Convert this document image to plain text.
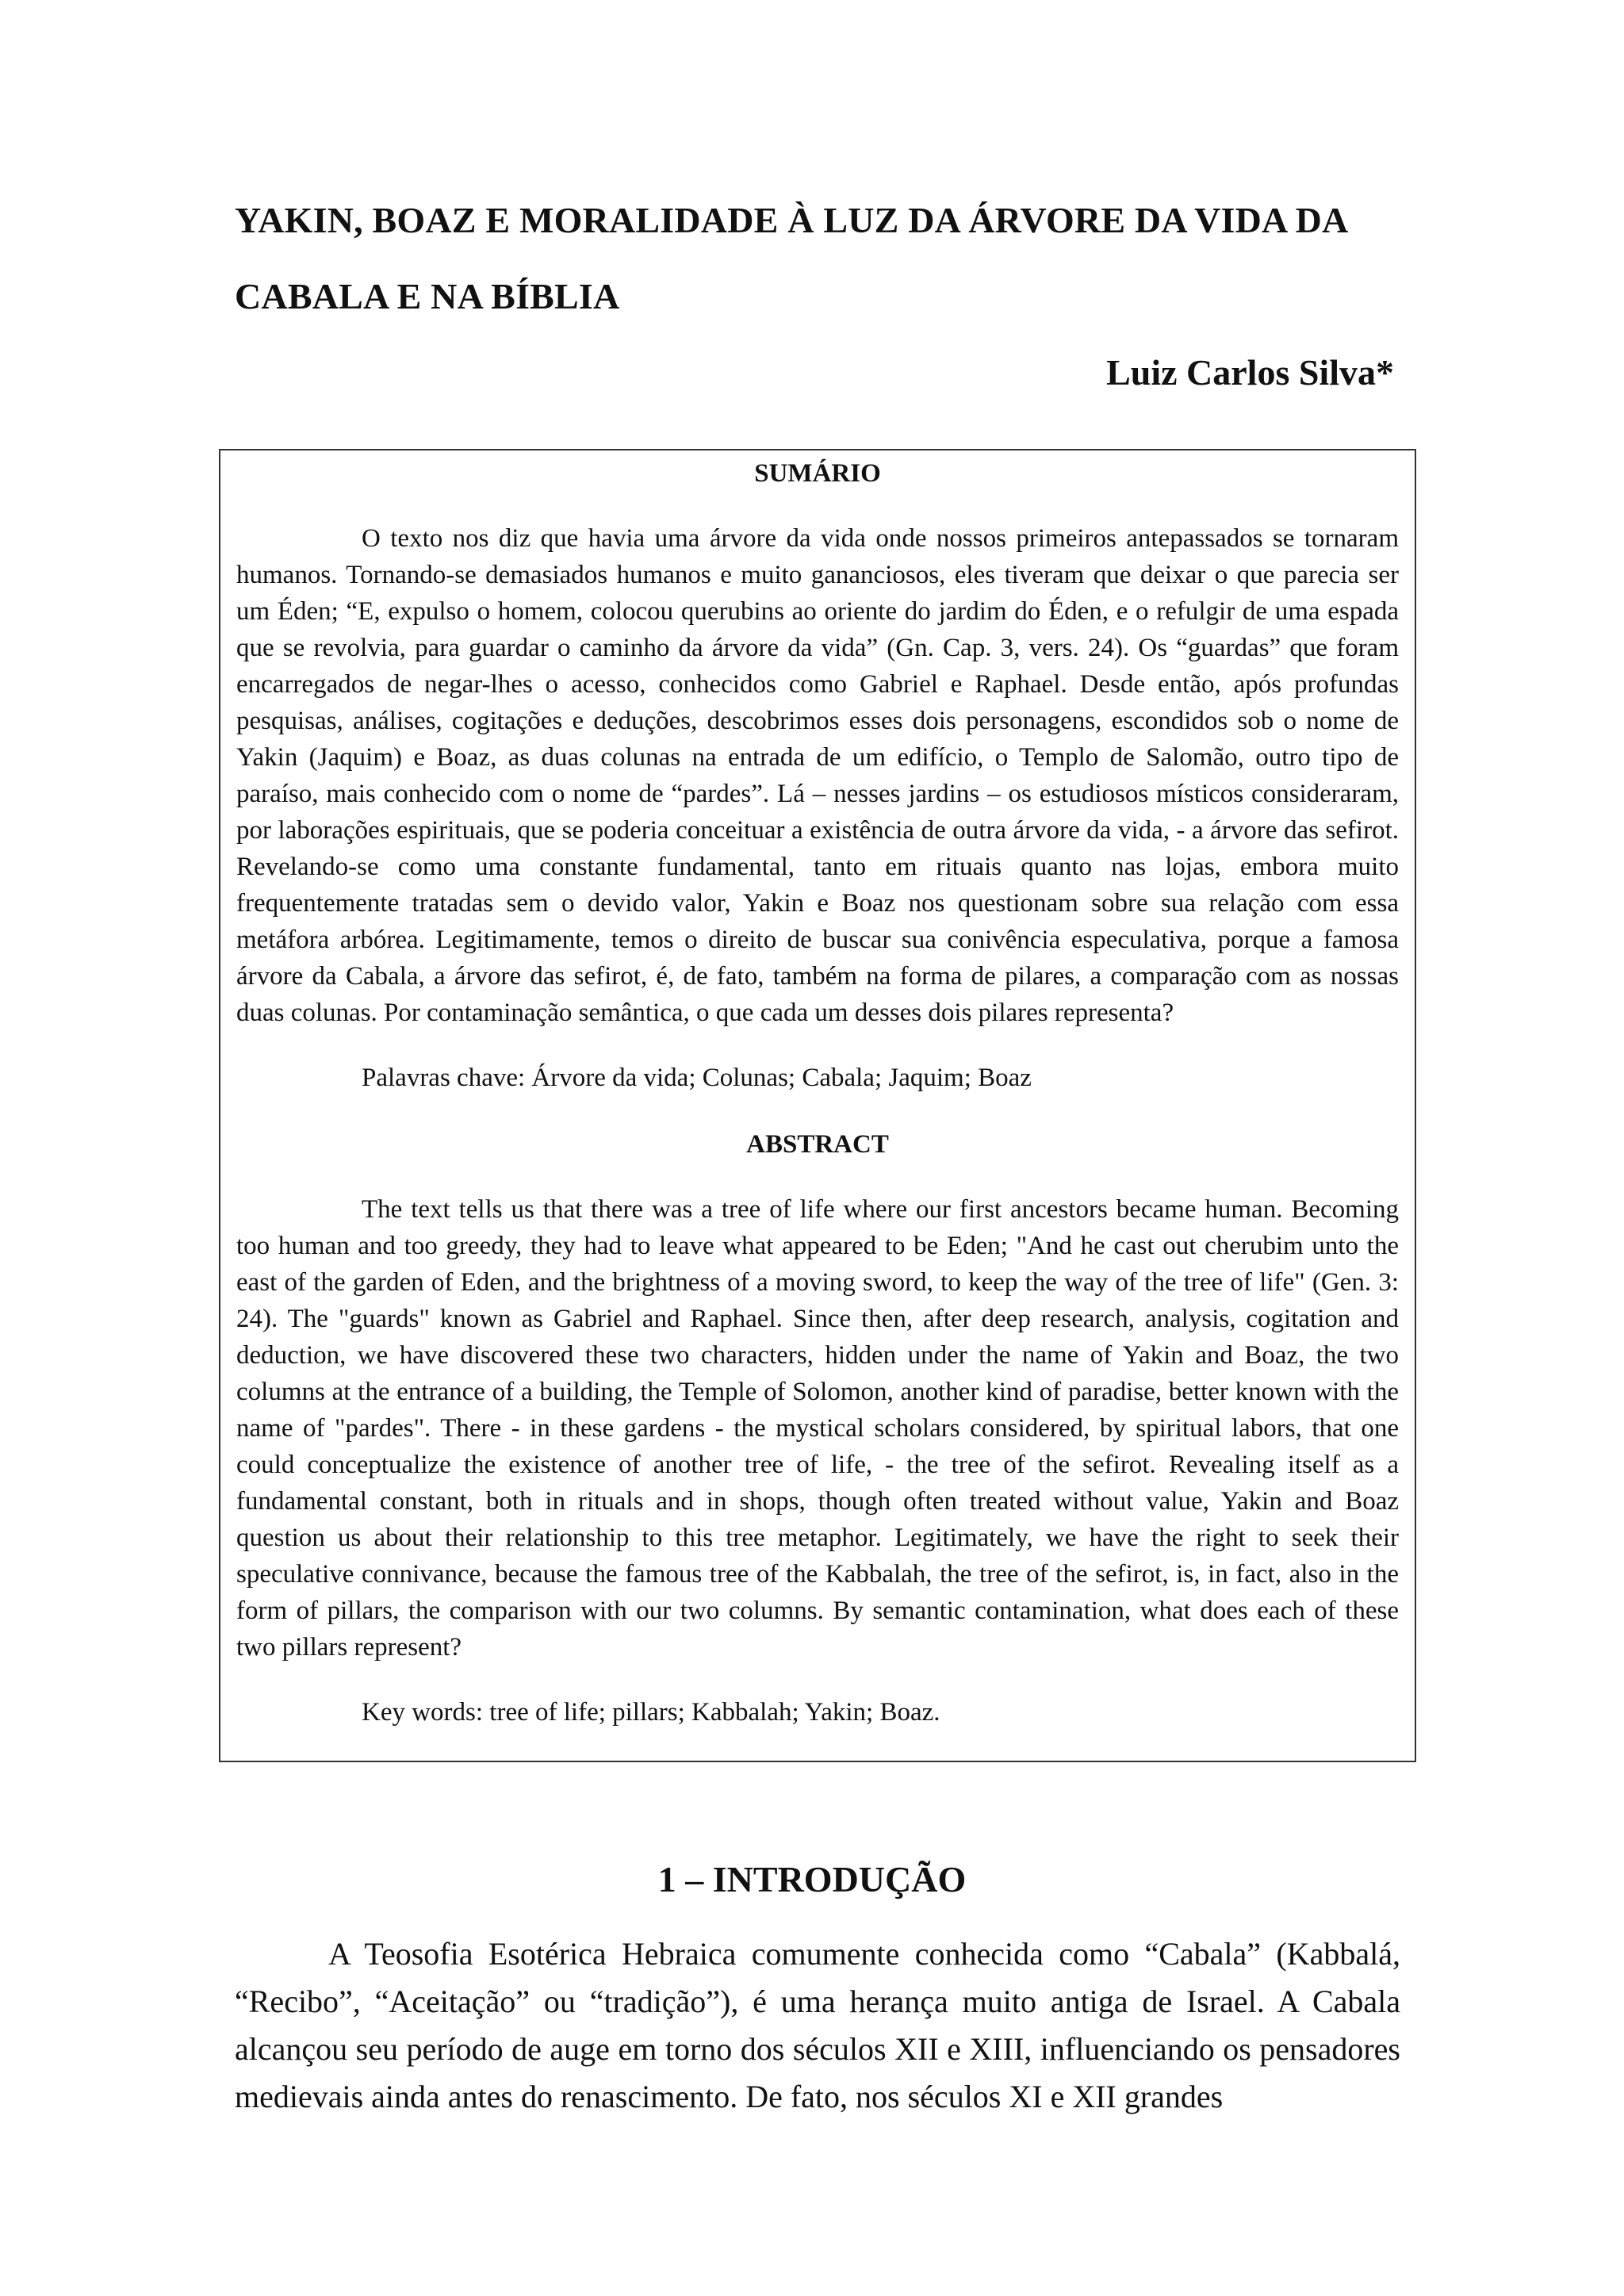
YAKIN, BOAZ E MORALIDADE À LUZ DA ÁRVORE DA VIDA DA CABALA E NA BÍBLIA

Luiz Carlos Silva*

SUMÁRIO

O texto nos diz que havia uma árvore da vida onde nossos primeiros antepassados se tornaram humanos. Tornando-se demasiados humanos e muito gananciosos, eles tiveram que deixar o que parecia ser um Éden; “E, expulso o homem, colocou querubins ao oriente do jardim do Éden, e o refulgir de uma espada que se revolvia, para guardar o caminho da árvore da vida” (Gn. Cap. 3, vers. 24). Os “guardas” que foram encarregados de negar-lhes o acesso, conhecidos como Gabriel e Raphael. Desde então, após profundas pesquisas, análises, cogitações e deduções, descobrimos esses dois personagens, escondidos sob o nome de Yakin (Jaquim) e Boaz, as duas colunas na entrada de um edifício, o Templo de Salomão, outro tipo de paraíso, mais conhecido com o nome de “pardes”. Lá – nesses jardins – os estudiosos místicos consideraram, por laborações espirituais, que se poderia conceituar a existência de outra árvore da vida, - a árvore das sefirot. Revelando-se como uma constante fundamental, tanto em rituais quanto nas lojas, embora muito frequentemente tratadas sem o devido valor, Yakin e Boaz nos questionam sobre sua relação com essa metáfora arbórea. Legitimamente, temos o direito de buscar sua conivência especulativa, porque a famosa árvore da Cabala, a árvore das sefirot, é, de fato, também na forma de pilares, a comparação com as nossas duas colunas. Por contaminação semântica, o que cada um desses dois pilares representa?

Palavras chave: Árvore da vida; Colunas; Cabala; Jaquim; Boaz

ABSTRACT

The text tells us that there was a tree of life where our first ancestors became human. Becoming too human and too greedy, they had to leave what appeared to be Eden; "And he cast out cherubim unto the east of the garden of Eden, and the brightness of a moving sword, to keep the way of the tree of life" (Gen. 3: 24). The "guards" known as Gabriel and Raphael. Since then, after deep research, analysis, cogitation and deduction, we have discovered these two characters, hidden under the name of Yakin and Boaz, the two columns at the entrance of a building, the Temple of Solomon, another kind of paradise, better known with the name of "pardes". There - in these gardens - the mystical scholars considered, by spiritual labors, that one could conceptualize the existence of another tree of life, - the tree of the sefirot. Revealing itself as a fundamental constant, both in rituals and in shops, though often treated without value, Yakin and Boaz question us about their relationship to this tree metaphor. Legitimately, we have the right to seek their speculative connivance, because the famous tree of the Kabbalah, the tree of the sefirot, is, in fact, also in the form of pillars, the comparison with our two columns. By semantic contamination, what does each of these two pillars represent?

Key words: tree of life; pillars; Kabbalah; Yakin; Boaz.

1 – INTRODUÇÃO

A Teosofia Esotérica Hebraica comumente conhecida como “Cabala” (Kabbalá, “Recibo”, “Aceitação” ou “tradição”), é uma herança muito antiga de Israel. A Cabala alcançou seu período de auge em torno dos séculos XII e XIII, influenciando os pensadores medievais ainda antes do renascimento. De fato, nos séculos XI e XII grandes
